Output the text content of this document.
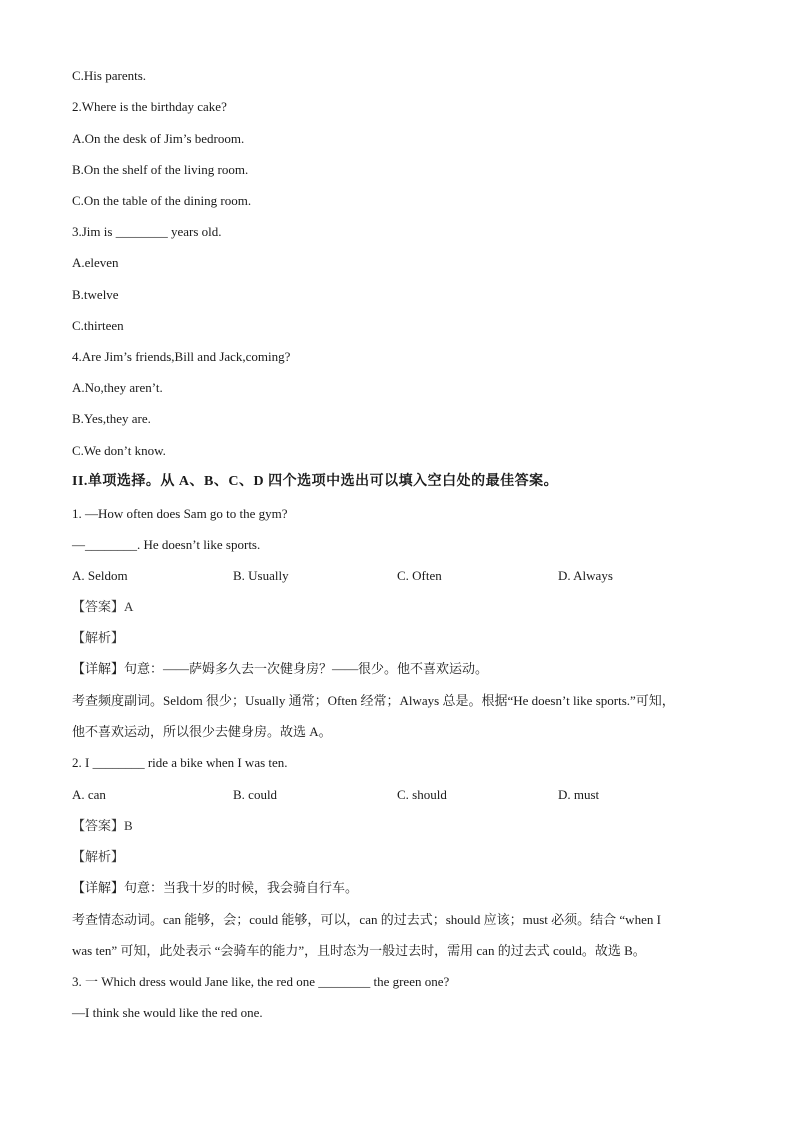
C.His parents.
2.Where is the birthday cake?
A.On the desk of Jim’s bedroom.
B.On the shelf of the living room.
C.On the table of the dining room.
3.Jim is ________ years old.
A.eleven
B.twelve
C.thirteen
4.Are Jim’s friends,Bill and Jack,coming?
A.No,they aren’t.
B.Yes,they are.
C.We don’t know.
II.单项选择。从 A、B、C、D 四个选项中选出可以填入空白处的最佳答案。
1. —How often does Sam go to the gym?
—________. He doesn’t like sports.
A. Seldom	B. Usually	C. Often	D. Always
【答案】A
【解析】
【详解】句意：——萨姆多久去一次健身房？——很少。他不喜欢运动。
考查频度副词。Seldom 很少；Usually 通常；Often 经常；Always 总是。根据“He doesn’t like sports.”可知，
他不喜欢运动，所以很少去健身房。故选 A。
2. I ________ ride a bike when I was ten.
A. can	B. could	C. should	D. must
【答案】B
【解析】
【详解】句意：当我十岁的时候，我会骑自行车。
考查情态动词。can 能够，会；could 能够，可以，can 的过去式；should 应该；must 必须。结合 “when I
was ten” 可知，此处表示 “会骑车的能力”，且时态为一般过去时，需用 can 的过去式 could。故选 B。
3. 一 Which dress would Jane like, the red one ________ the green one?
—I think she would like the red one.
